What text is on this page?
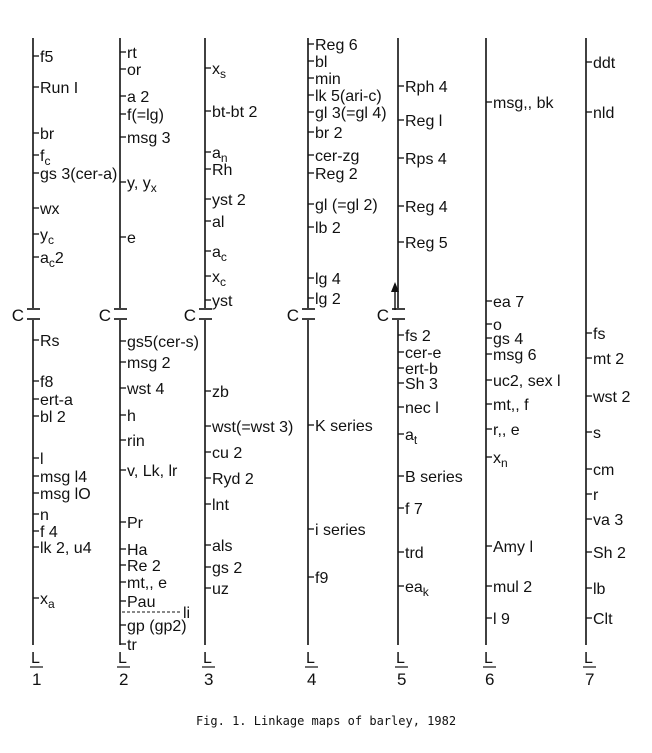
C
L
1
f5
Run I
br
$f_c$
gs 3(cer-a)
wx
$y_c$
$a_c2$
Rs
f8
ert-a
bl 2
l
msg l4
msg lO
n
f 4
lk 2, u4
$x_a$
C
L
2
rt
or
a 2
f(=lg)
msg 3
y, $y_x$
e
gs5(cer-s)
msg 2
wst 4
h
rin
v, Lk, lr
Pr
Ha
Re 2
mt,, e
Pau
li
gp (gp2)
tr
C
L
3
$x_s$
bt-bt 2
$a_n$
Rh
yst 2
al
$a_c$
$x_c$
yst
zb
wst(=wst 3)
cu 2
Ryd 2
lnt
als
gs 2
uz
C
L
4
Reg 6
bl
min
lk 5(ari-c)
gl 3(=gl 4)
br 2
cer-zg
Reg 2
gl (=gl 2)
lb 2
lg 4
lg 2
K series
i series
f9
C
L
5
Rph 4
Reg l
Rps 4
Reg 4
Reg 5
fs 2
cer-e
ert-b
Sh 3
nec l
$a_t$
B series
f 7
trd
$ea_k$
L
6
msg,, bk
ea 7
o
gs 4
msg 6
uc2, sex l
mt,, f
r,, e
$x_n$
Amy l
mul 2
l 9
L
7
ddt
nld
fs
mt 2
wst 2
s
cm
r
va 3
Sh 2
lb
Clt
Fig. 1. Linkage maps of barley, 1982
